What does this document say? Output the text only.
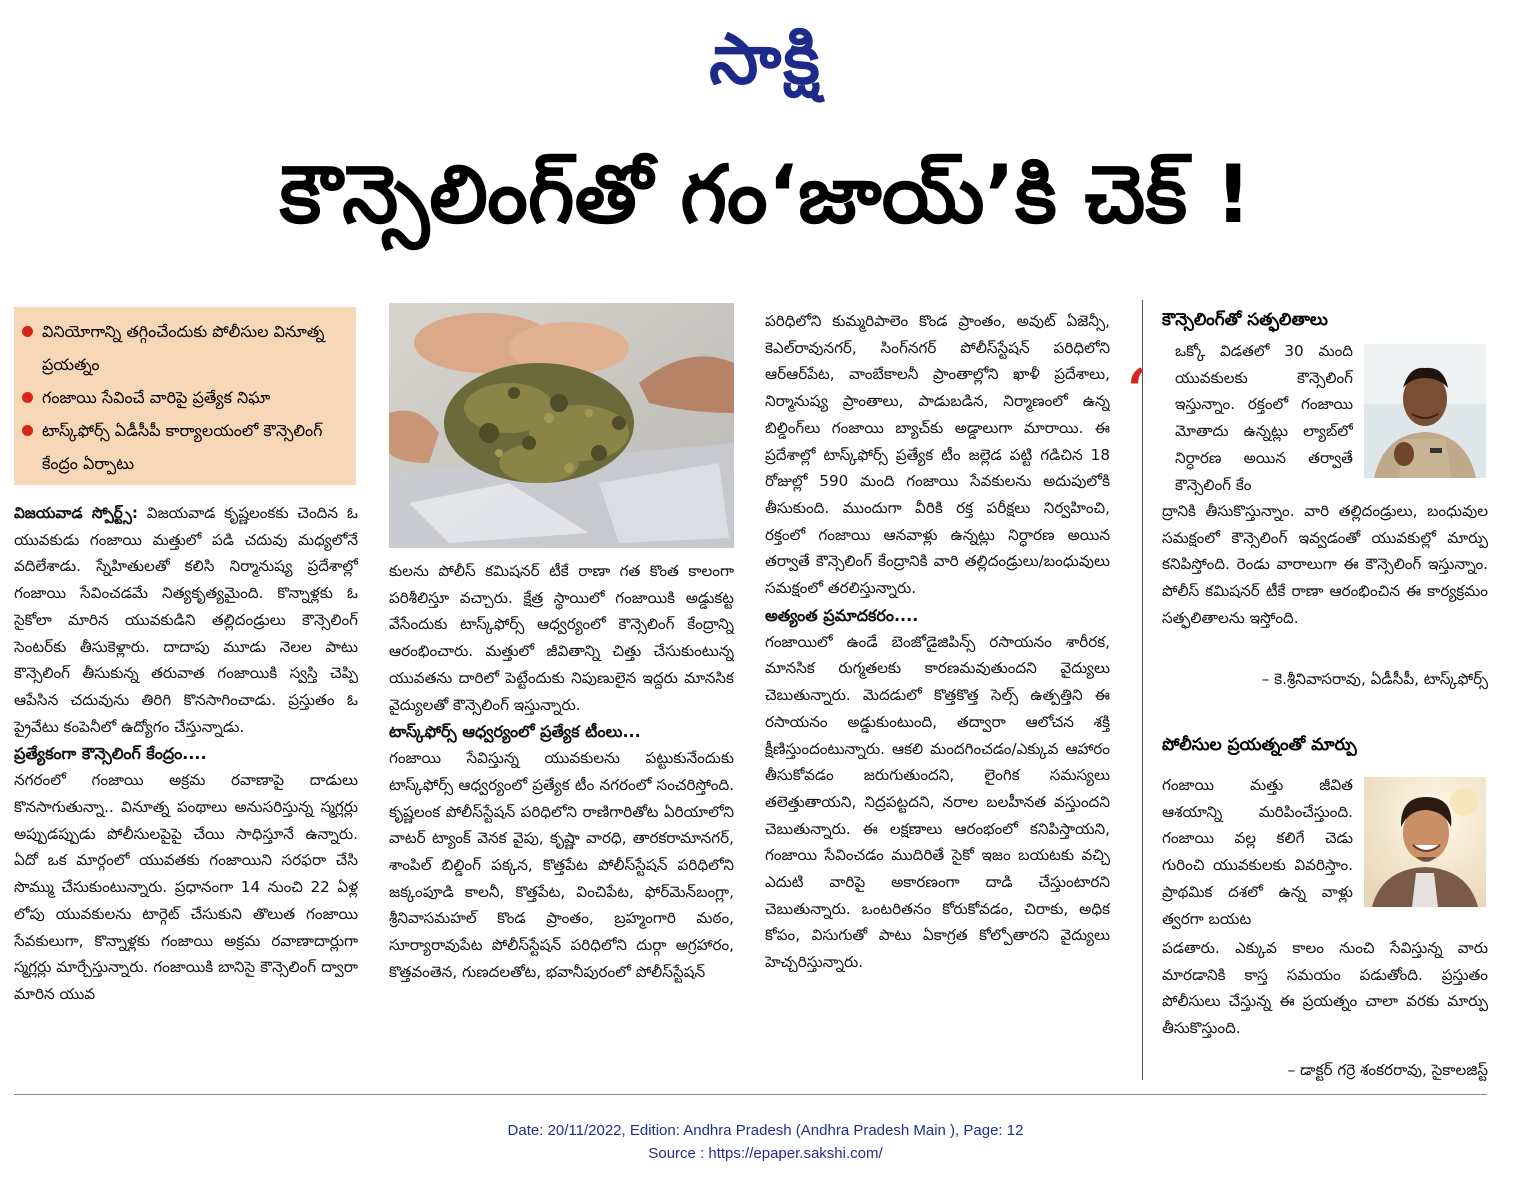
సాక్షి
కౌన్సెలింగ్‌తో గం‘జాయ్’కి చెక్ !
వినియోగాన్ని తగ్గించేందుకు పోలీసుల వినూత్న ప్రయత్నం
గంజాయి సేవించే వారిపై ప్రత్యేక నిఘా
టాస్క్‌ఫోర్స్ ఏడీసీపీ కార్యాలయంలో కౌన్సెలింగ్ కేంద్రం ఏర్పాటు

విజయవాడ స్పోర్ట్స్: విజయవాడ కృష్ణలంకకు చెందిన ఓ యువకుడు గంజాయి మత్తులో పడి చదువు మధ్యలోనే వదిలేశాడు. స్నేహితులతో కలిసి నిర్మానుష్య ప్రదేశాల్లో గంజాయి సేవించడమే నిత్యకృత్యమైంది. కొన్నాళ్లకు ఓ సైకోలా మారిన యువకుడిని తల్లిదండ్రులు కౌన్సెలింగ్ సెంటర్‌కు తీసుకెళ్లారు. దాదాపు మూడు నెలల పాటు కౌన్సెలింగ్ తీసుకున్న తరువాత గంజాయికి స్వస్తి చెప్పి ఆపేసిన చదువును తిరిగి కొనసాగించాడు. ప్రస్తుతం ఓ ప్రైవేటు కంపెనీలో ఉద్యోగం చేస్తున్నాడు.

ప్రత్యేకంగా కౌన్సెలింగ్ కేంద్రం....

నగరంలో గంజాయి అక్రమ రవాణాపై దాడులు కొనసాగుతున్నా.. వినూత్న పంథాలు అనుసరిస్తున్న స్మగ్లర్లు అప్పుడప్పుడు పోలీసులపైపై చేయి సాధిస్తూనే ఉన్నారు. ఏదో ఒక మార్గంలో యువతకు గంజాయిని సరఫరా చేసి సొమ్ము చేసుకుంటున్నారు. ప్రధానంగా 14 నుంచి 22 ఏళ్ల లోపు యువకులను టార్గెట్ చేసుకుని తొలుత గంజాయి సేవకులుగా, కొన్నాళ్లకు గంజాయి అక్రమ రవాణాదార్లుగా స్మగ్లర్లు మార్చేస్తున్నారు. గంజాయికి బానిసై కౌన్సెలింగ్ ద్వారా మారిన యువ

కులను పోలీస్ కమిషనర్ టీకే రాణా గత కొంత కాలంగా పరిశీలిస్తూ వచ్చారు. క్షేత్ర స్థాయిలో గంజాయికి అడ్డుకట్ట వేసేందుకు టాస్క్‌ఫోర్స్ ఆధ్వర్యంలో కౌన్సెలింగ్ కేంద్రాన్ని ఆరంభించారు. మత్తులో జీవితాన్ని చిత్తు చేసుకుంటున్న యువతను దారిలో పెట్టేందుకు నిపుణులైన ఇద్దరు మానసిక వైద్యులతో కౌన్సెలింగ్ ఇస్తున్నారు.

టాస్క్‌ఫోర్స్ ఆధ్వర్యంలో ప్రత్యేక టీంలు...

గంజాయి సేవిస్తున్న యువకులను పట్టుకునేందుకు టాస్క్‌ఫోర్స్ ఆధ్వర్యంలో ప్రత్యేక టీం నగరంలో సంచరిస్తోంది. కృష్ణలంక పోలీస్‌స్టేషన్ పరిధిలోని రాణిగారితోట ఏరియాలోని వాటర్ ట్యాంక్ వెనక వైపు, కృష్ణా వారధి, తారకరామానగర్, శాంపిల్ బిల్డింగ్ పక్కన, కొత్తపేట పోలీస్‌స్టేషన్ పరిధిలోని జక్కంపూడి కాలనీ, కొత్తపేట, వించిపేట, ఫోర్‌మెన్‌బంగ్లా, శ్రీనివాసమహల్ కొండ ప్రాంతం, బ్రహ్మంగారి మఠం, సూర్యారావుపేట పోలీస్‌స్టేషన్ పరిధిలోని దుర్గా అగ్రహారం, కొత్తవంతెన, గుణదలతోట, భవానీపురంలో పోలీస్‌స్టేషన్

పరిధిలోని కుమ్మరిపాలెం కొండ ప్రాంతం, అవుట్ ఏజెన్సీ, కెఎల్‌రావునగర్, సింగ్‌నగర్ పోలీస్‌స్టేషన్ పరిధిలోని ఆర్‌ఆర్‌పేట, వాంబేకాలనీ ప్రాంతాల్లోని ఖాళీ ప్రదేశాలు, నిర్మానుష్య ప్రాంతాలు, పాడుబడిన, నిర్మాణంలో ఉన్న బిల్డింగ్‌లు గంజాయి బ్యాచ్‌కు అడ్డాలుగా మారాయి. ఈ ప్రదేశాల్లో టాస్క్‌ఫోర్స్ ప్రత్యేక టీం జల్లెడ పట్టి గడిచిన 18 రోజుల్లో 590 మంది గంజాయి సేవకులను అదుపులోకి తీసుకుంది. ముందుగా వీరికి రక్త పరీక్షలు నిర్వహించి, రక్తంలో గంజాయి ఆనవాళ్లు ఉన్నట్లు నిర్ధారణ అయిన తర్వాతే కౌన్సెలింగ్ కేంద్రానికి వారి తల్లిదండ్రులు/బంధువులు సమక్షంలో తరలిస్తున్నారు.

అత్యంత ప్రమాదకరం....

గంజాయిలో ఉండే బెంజోడైజిపిన్స్ రసాయనం శారీరక, మానసిక రుగ్మతలకు కారణమవుతుందని వైద్యులు చెబుతున్నారు. మెదడులో కొత్తకొత్త సెల్స్ ఉత్పత్తిని ఈ రసాయనం అడ్డుకుంటుంది, తద్వారా ఆలోచన శక్తి క్షీణిస్తుందంటున్నారు. ఆకలి మందగించడం/ఎక్కువ ఆహారం తీసుకోవడం జరుగుతుందని, లైంగిక సమస్యలు తలెత్తుతాయని, నిద్రపట్టదని, నరాల బలహీనత వస్తుందని చెబుతున్నారు. ఈ లక్షణాలు ఆరంభంలో కనిపిస్తాయని, గంజాయి సేవించడం ముదిరితే సైకో ఇజం బయటకు వచ్చి ఎదుటి వారిపై అకారణంగా దాడి చేస్తుంటారని చెబుతున్నారు. ఒంటరితనం కోరుకోవడం, చిరాకు, అధిక కోపం, విసుగుతో పాటు ఏకాగ్రత కోల్పోతారని వైద్యులు హెచ్చరిస్తున్నారు.

కౌన్సెలింగ్‌తో సత్ఫలితాలు
‘
ఒక్కో విడతలో 30 మంది యువకులకు కౌన్సెలింగ్ ఇస్తున్నాం. రక్తంలో గంజాయి మోతాదు ఉన్నట్లు ల్యాబ్‌లో నిర్ధారణ అయిన తర్వాతే కౌన్సెలింగ్ కేం
ద్రానికి తీసుకొస్తున్నాం. వారి తల్లిదండ్రులు, బంధువుల సమక్షంలో కౌన్సెలింగ్ ఇవ్వడంతో యువకుల్లో మార్పు కనిపిస్తోంది. రెండు వారాలుగా ఈ కౌన్సెలింగ్ ఇస్తున్నాం. పోలీస్ కమిషనర్ టీకే రాణా ఆరంభించిన ఈ కార్యక్రమం సత్ఫలితాలను ఇస్తోంది.
– కె.శ్రీనివాసరావు, ఏడీసీపీ, టాస్క్‌ఫోర్స్
పోలీసుల ప్రయత్నంతో మార్పు
గంజాయి మత్తు జీవిత ఆశయాన్ని మరిపించేస్తుంది. గంజాయి వల్ల కలిగే చెడు గురించి యువకులకు వివరిస్తాం. ప్రాథమిక దశలో ఉన్న వాళ్లు త్వరగా బయట
పడతారు. ఎక్కువ కాలం నుంచి సేవిస్తున్న వారు మారడానికి కాస్త సమయం పడుతోంది. ప్రస్తుతం పోలీసులు చేస్తున్న ఈ ప్రయత్నం చాలా వరకు మార్పు తీసుకొస్తుంది.
– డాక్టర్ గర్రె శంకరరావు, సైకాలజిస్ట్
Date: 20/11/2022, Edition: Andhra Pradesh (Andhra Pradesh Main ), Page: 12
Source : https://epaper.sakshi.com/
